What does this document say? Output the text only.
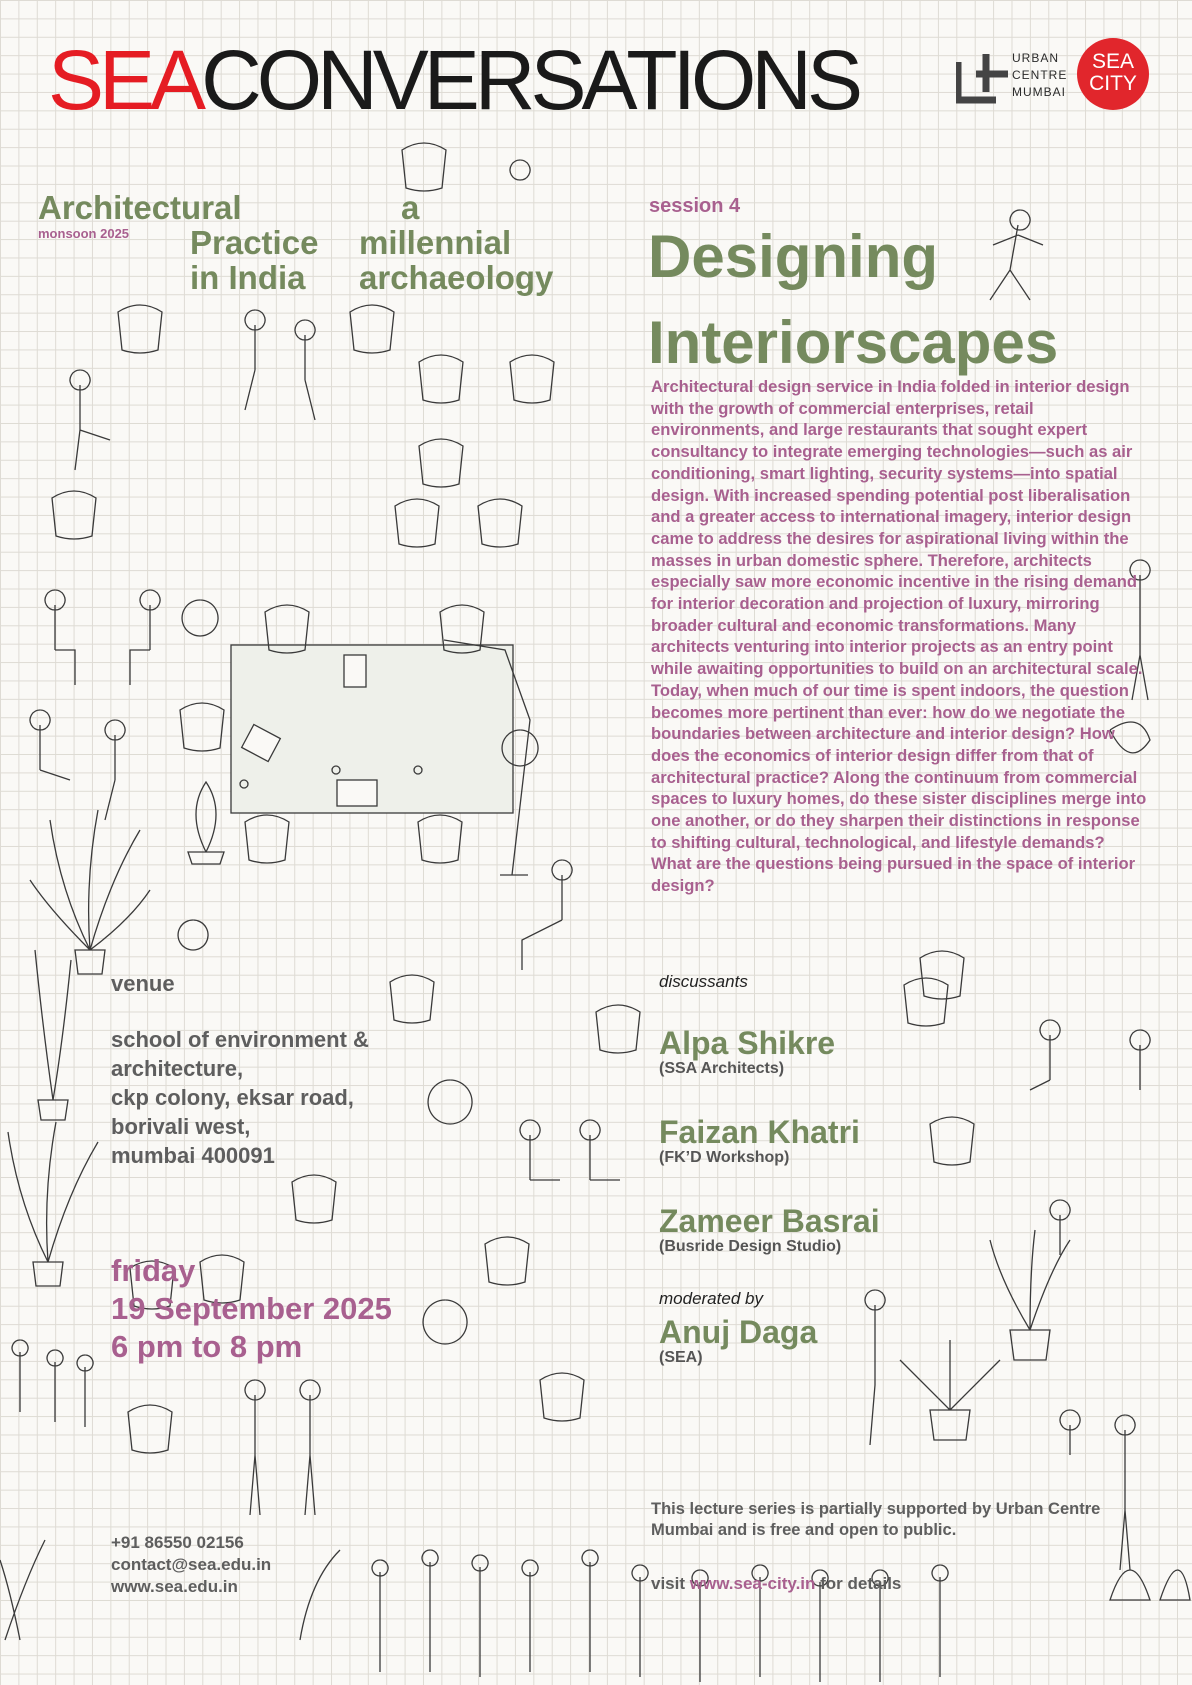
SEACONVERSATIONS	URBAN
CENTRE
MUMBAI
SEA
CITY
Architectural
monsoon 2025 Practice
in India
a
millennial
archaeology
session 4
Designing
Interiorscapes
Architectural design service in India folded in interior design with the growth of commercial enterprises, retail environments, and large restaurants that sought expert consultancy to integrate emerging technologies—such as air conditioning, smart lighting, security systems—into spatial design. With increased spending potential post liberalisation and a greater access to international imagery, interior design came to address the desires for aspirational living within the masses in urban domestic sphere. Therefore, architects especially saw more economic incentive in the rising demand for interior decoration and projection of luxury, mirroring broader cultural and economic transformations. Many architects venturing into interior projects as an entry point while awaiting opportunities to build on an architectural scale. Today, when much of our time is spent indoors, the question becomes more pertinent than ever: how do we negotiate the boundaries between architecture and interior design? How does the economics of interior design differ from that of architectural practice? Along the continuum from commercial spaces to luxury homes, do these sister disciplines merge into one another, or do they sharpen their distinctions in response to shifting cultural, technological, and lifestyle demands? What are the questions being pursued in the space of interior design?
venue
school of environment &
architecture,
ckp colony, eksar road,
borivali west,
mumbai 400091
friday
19 September 2025
6 pm to 8 pm
+91 86550 02156
contact@sea.edu.in
www.sea.edu.in
discussants
Alpa Shikre
(SSA Architects)
Faizan Khatri
(FK’D Workshop)
Zameer Basrai
(Busride Design Studio)
moderated by
Anuj Daga
(SEA)
This lecture series is partially supported by Urban Centre Mumbai and is free and open to public.
visit www.sea-city.in for details
